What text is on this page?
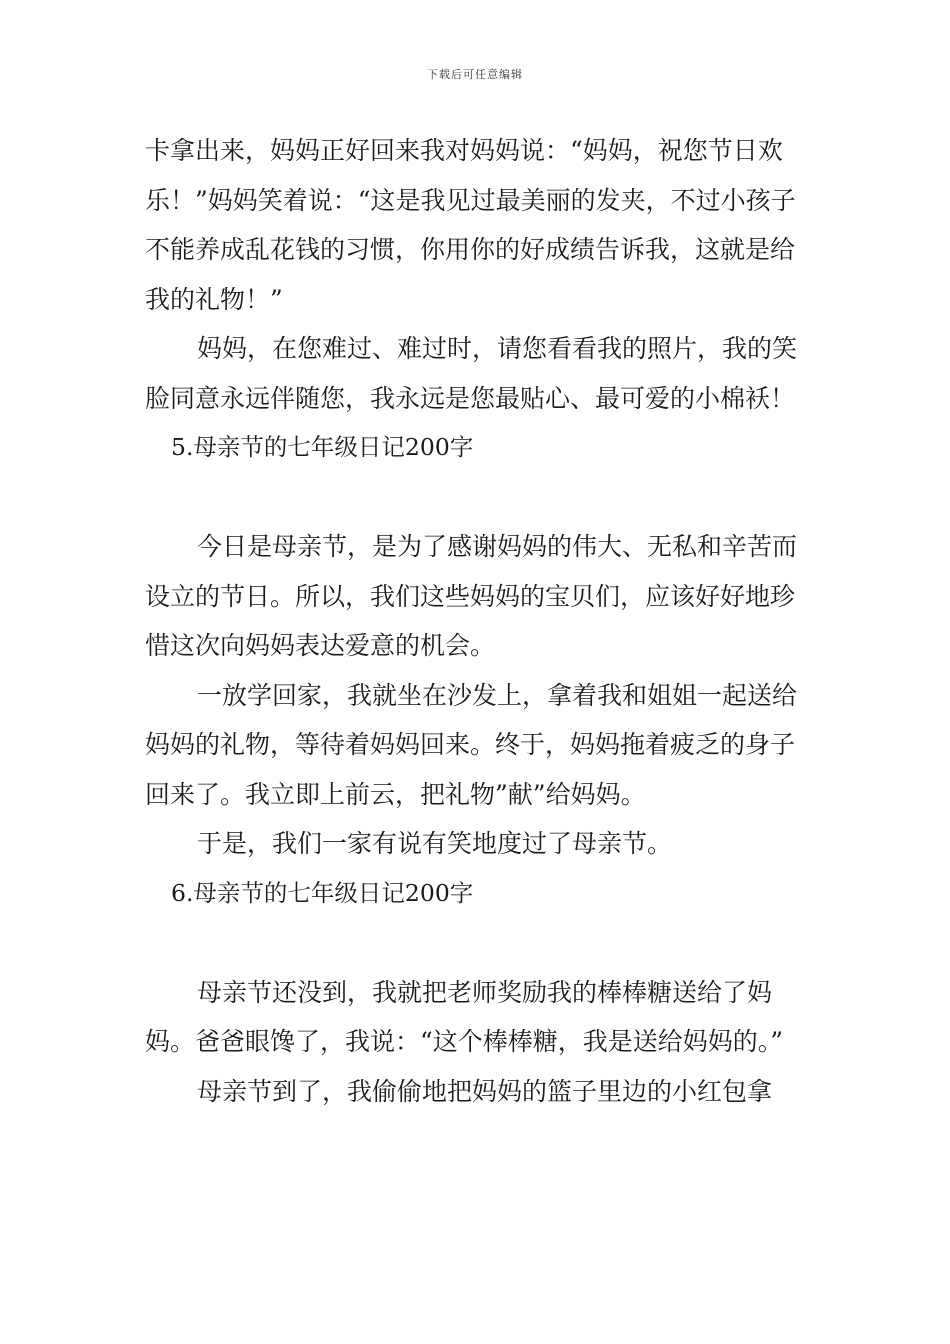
下载后可任意编辑

卡拿出来，妈妈正好回来我对妈妈说：“妈妈，祝您节日欢乐！”妈妈笑着说：“这是我见过最美丽的发夹，不过小孩子不能养成乱花钱的习惯，你用你的好成绩告诉我，这就是给我的礼物！”

妈妈，在您难过、难过时，请您看看我的照片，我的笑脸同意永远伴随您，我永远是您最贴心、最可爱的小棉袄！

5.母亲节的七年级日记200字

今日是母亲节，是为了感谢妈妈的伟大、无私和辛苦而设立的节日。所以，我们这些妈妈的宝贝们，应该好好地珍惜这次向妈妈表达爱意的机会。

一放学回家，我就坐在沙发上，拿着我和姐姐一起送给妈妈的礼物，等待着妈妈回来。终于，妈妈拖着疲乏的身子回来了。我立即上前云，把礼物”献”给妈妈。

于是，我们一家有说有笑地度过了母亲节。

6.母亲节的七年级日记200字

母亲节还没到，我就把老师奖励我的棒棒糖送给了妈妈。爸爸眼馋了，我说：“这个棒棒糖，我是送给妈妈的。”

母亲节到了，我偷偷地把妈妈的篮子里边的小红包拿
